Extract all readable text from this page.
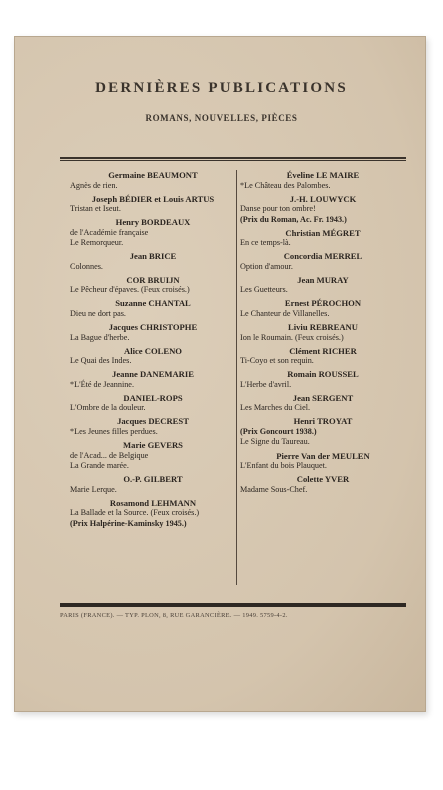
DERNIÈRES PUBLICATIONS
ROMANS, NOUVELLES, PIÈCES
Germaine BEAUMONT
Agnès de rien.
Joseph BÉDIER et Louis ARTUS
Tristan et Iseut.
Henry BORDEAUX
de l'Académie française
Le Remorqueur.
Jean BRICE
Colonnes.
COR BRUIJN
Le Pêcheur d'épaves. (Feux croisés.)
Suzanne CHANTAL
Dieu ne dort pas.
Jacques CHRISTOPHE
La Bague d'herbe.
Alice COLENO
Le Quai des Indes.
Jeanne DANEMARIE
*L'Été de Jeannine.
DANIEL-ROPS
L'Ombre de la douleur.
Jacques DECREST
*Les Jeunes filles perdues.
Marie GEVERS
de l'Acad... de Belgique
La Grande marée.
O.-P. GILBERT
Marie Lerque.
Rosamond LEHMANN
La Ballade et la Source. (Feux croisés.)
(Prix Halpérine-Kaminsky 1945.)
Éveline LE MAIRE
*Le Château des Palombes.
J.-H. LOUWYCK
Danse pour ton ombre!
(Prix du Roman, Ac. Fr. 1943.)
Christian MÉGRET
En ce temps-là.
Concordia MERREL
Option d'amour.
Jean MURAY
Les Guetteurs.
Ernest PÉROCHON
Le Chanteur de Villanelles.
Liviu REBREANU
Ion le Roumain. (Feux croisés.)
Clément RICHER
Ti-Coyo et son requin.
Romain ROUSSEL
L'Herbe d'avril.
Jean SERGENT
Les Marches du Ciel.
Henri TROYAT
(Prix Goncourt 1938.)
Le Signe du Taureau.
Pierre Van der MEULEN
L'Enfant du bois Plauquet.
Colette YVER
Madame Sous-Chef.
PARIS (FRANCE). — TYP. PLON, 8, RUE GARANCIÈRE. — 1949. 5759-4-2.
